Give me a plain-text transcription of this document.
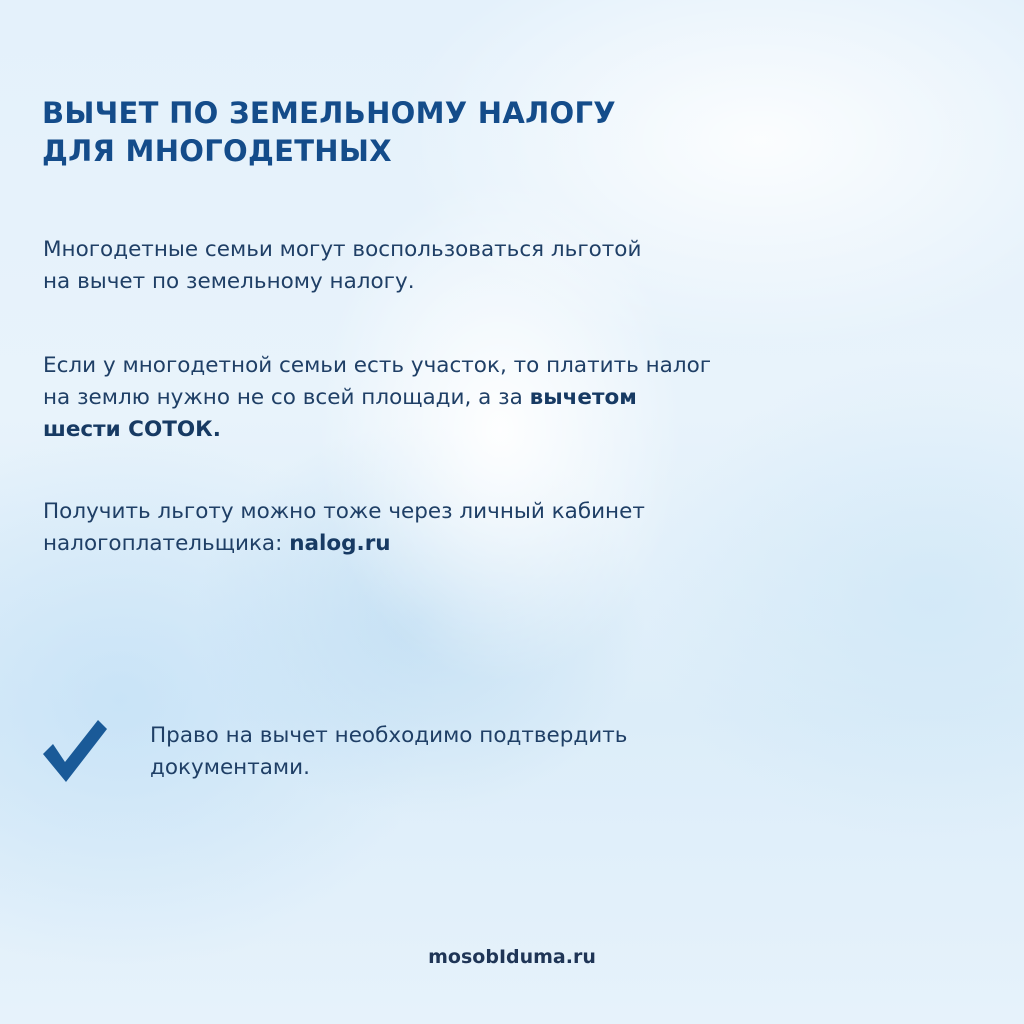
ВЫЧЕТ ПО ЗЕМЕЛЬНОМУ НАЛОГУ
ДЛЯ МНОГОДЕТНЫХ

Многодетные семьи могут воспользоваться льготой
на вычет по земельному налогу.

Если у многодетной семьи есть участок, то платить налог
на землю нужно не со всей площади, а за вычетом
шести СОТОК.

Получить льготу можно тоже через личный кабинет
налогоплательщика: nalog.ru

Право на вычет необходимо подтвердить
документами.

mosobIduma.ru
